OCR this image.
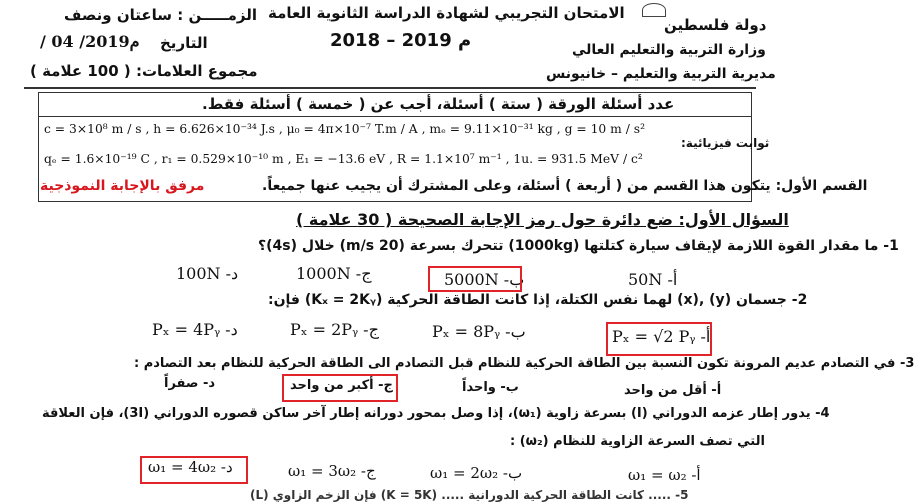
الزمـــــن : ساعتان ونصف
التاريخ
/ 04 /2019م
مجموع العلامات: ( 100 علامة )
الامتحان التجريبي لشهادة الدراسة الثانوية العامة
2018 – 2019 م
دولة فلسطين
وزارة التربية والتعليم العالي
مديرية التربية والتعليم – خانيونس
عدد أسئلة الورقة ( ستة ) أسئلة، أجب عن ( خمسة ) أسئلة فقط.
ثوابت فيزيائية:
c = 3×10⁸ m / s , h = 6.626×10⁻³⁴ J.s , μ₀ = 4π×10⁻⁷ T.m / A , mₑ = 9.11×10⁻³¹ kg , g = 10 m / s²
qₑ = 1.6×10⁻¹⁹ C , r₁ = 0.529×10⁻¹⁰ m , E₁ = −13.6 eV , R = 1.1×10⁷ m⁻¹ , 1u. = 931.5 MeV / c²
القسم الأول: يتكون هذا القسم من ( أربعة ) أسئلة، وعلى المشترك أن يجيب عنها جميعاً.
مرفق بالإجابة النموذجية
السؤال الأول: ضع دائرة حول رمز الإجابة الصحيحة ( 30 علامة )
1- ما مقدار القوة اللازمة لإيقاف سيارة كتلتها (1000kg) تتحرك بسرعة (20 m/s) خلال (4s)؟
أ- 50N
ب- 5000N
ج- 1000N
د- 100N
2- جسمان (y) ,(x) لهما نفس الكتلة، إذا كانت الطاقة الحركية (Kₓ = 2Kᵧ) فإن:
أ- Pₓ = √2 Pᵧ
ب- Pₓ = 8Pᵧ
ج- Pₓ = 2Pᵧ
د- Pₓ = 4Pᵧ
3- في التصادم عديم المرونة تكون النسبة بين الطاقة الحركية للنظام قبل التصادم الى الطاقة الحركية للنظام بعد التصادم :
أ- أقل من واحد
ب- واحداً
ج- أكبر من واحد
د- صفراً
4- يدور إطار عزمه الدوراني (I) بسرعة زاوية (ω₁)، إذا وصل بمحور دورانه إطار آخر ساكن قصوره الدوراني (3I)، فإن العلاقة
التي تصف السرعة الزاوية للنظام (ω₂) :
أ- ω₁ = ω₂
ب- ω₁ = 2ω₂
ج- ω₁ = 3ω₂
د- ω₁ = 4ω₂
5- ..... كانت الطاقة الحركية الدورانية ..... (K = 5K) فإن الزخم الزاوي (L)
